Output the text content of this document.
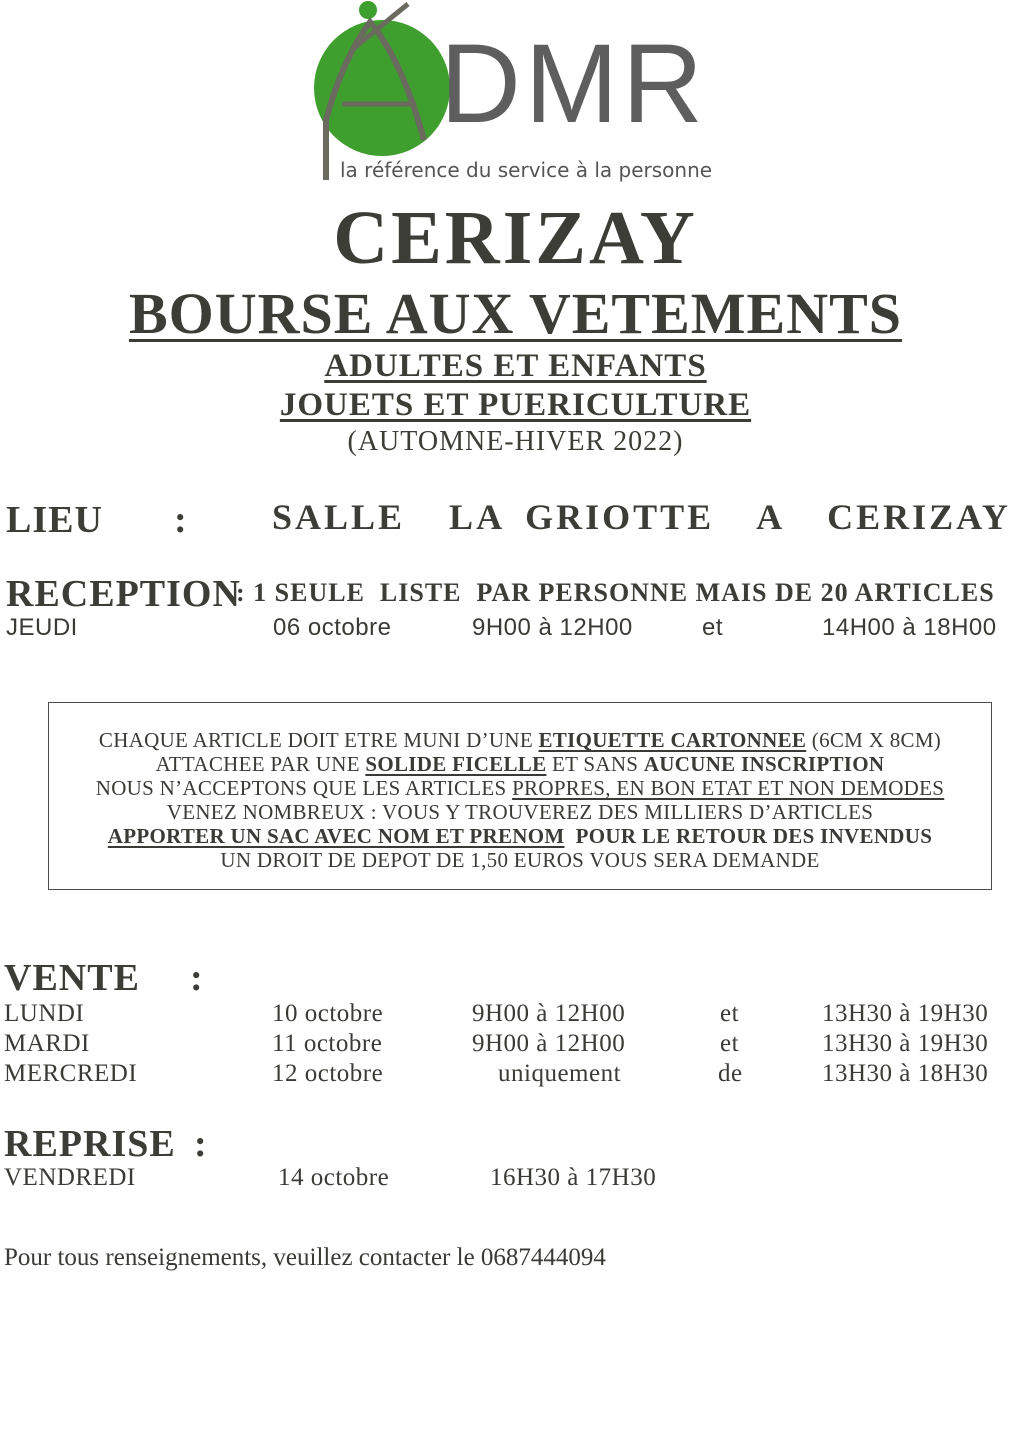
DMR
la référence du service à la personne
CERIZAY
BOURSE AUX VETEMENTS
ADULTES ET ENFANTS
JOUETS ET PUERICULTURE
(AUTOMNE-HIVER 2022)
LIEU : SALLE  LA GRIOTTE  A  CERIZAY
RECEPTION
: 1 SEULE  LISTE  PAR PERSONNE MAIS DE 20 ARTICLES
JEUDI	06 octobre	9H00 à 12H00	et	14H00 à 18H00
CHAQUE ARTICLE DOIT ETRE MUNI D’UNE ETIQUETTE CARTONNEE (6CM X 8CM)
ATTACHEE PAR UNE SOLIDE FICELLE ET SANS AUCUNE INSCRIPTION
NOUS N’ACCEPTONS QUE LES ARTICLES PROPRES, EN BON ETAT ET NON DEMODES
VENEZ NOMBREUX : VOUS Y TROUVEREZ DES MILLIERS D’ARTICLES
APPORTER UN SAC AVEC NOM ET PRENOM  POUR LE RETOUR DES INVENDUS
UN DROIT DE DEPOT DE 1,50 EUROS VOUS SERA DEMANDE
VENTE :
LUNDI	10 octobre	9H00 à 12H00	et	13H30 à 19H30
MARDI	11 octobre	9H00 à 12H00	et	13H30 à 19H30
MERCREDI	12 octobre	uniquement	de	13H30 à 18H30
REPRISE :
VENDREDI	14 octobre	16H30 à 17H30
Pour tous renseignements, veuillez contacter le 0687444094
